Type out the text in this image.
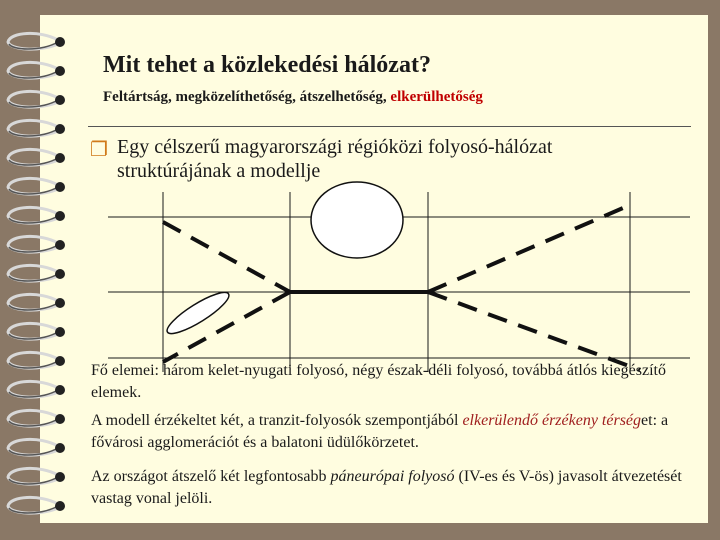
Mit tehet a közlekedési hálózat?
Feltártság, megközelíthetőség, átszelhetőség, elkerülhetőség
❐ Egy célszerű magyarországi régióközi folyosó-hálózat struktúrájának a modellje
Fő elemei: három kelet-nyugati folyosó, négy észak-déli folyosó, továbbá átlós kiegészítő elemek.
A modell érzékeltet két, a tranzit-folyosók szempontjából elkerülendő érzékeny térséget: a fővárosi agglomerációt és a balatoni üdülőkörzetet.
Az országot átszelő két legfontosabb páneurópai folyosó (IV-es és V-ös) javasolt átvezetését vastag vonal jelöli.
